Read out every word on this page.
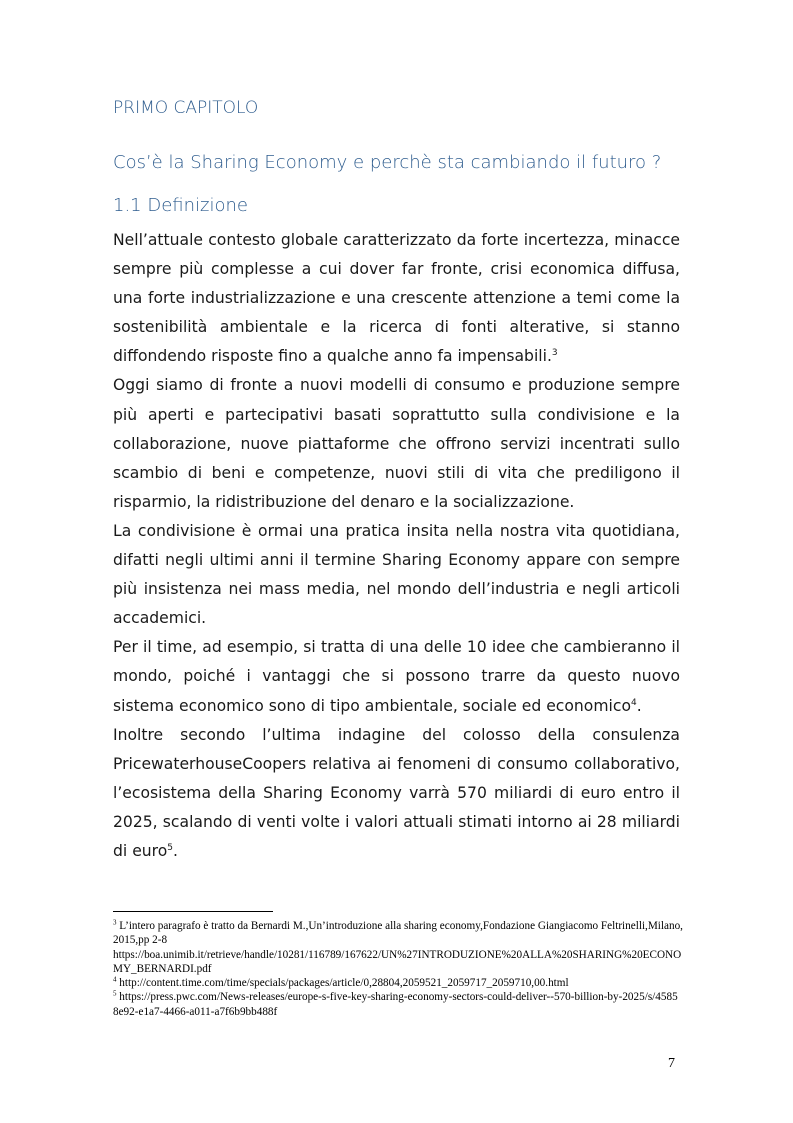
PRIMO CAPITOLO
Cos’è la Sharing Economy e perchè sta cambiando il futuro ?
1.1 Definizione

Nell’attuale contesto globale caratterizzato da forte incertezza, minacce sempre più complesse a cui dover far fronte, crisi economica diffusa, una forte industrializzazione e una crescente attenzione a temi come la sostenibilità ambientale e la ricerca di fonti alterative, si stanno diffondendo risposte fino a qualche anno fa impensabili.$^3$

Oggi siamo di fronte a nuovi modelli di consumo e produzione sempre più aperti e partecipativi basati soprattutto sulla condivisione e la collaborazione, nuove piattaforme che offrono servizi incentrati sullo scambio di beni e competenze, nuovi stili di vita che prediligono il risparmio, la ridistribuzione del denaro e la socializzazione.

La condivisione è ormai una pratica insita nella nostra vita quotidiana, difatti negli ultimi anni il termine Sharing Economy appare con sempre più insistenza nei mass media, nel mondo dell’industria e negli articoli accademici.

Per il time, ad esempio, si tratta di una delle 10 idee che cambieranno il mondo, poiché i vantaggi che si possono trarre da questo nuovo sistema economico sono di tipo ambientale, sociale ed economico$^4$.

Inoltre secondo l’ultima indagine del colosso della consulenza PricewaterhouseCoopers relativa ai fenomeni di consumo collaborativo, l’ecosistema della Sharing Economy varrà 570 miliardi di euro entro il 2025, scalando di venti volte i valori attuali stimati intorno ai 28 miliardi di euro$^5$.

$^3$ L’intero paragrafo è tratto da Bernardi M.,Un’introduzione alla sharing economy,Fondazione Giangiacomo Feltrinelli,Milano, 2015,pp 2-8
https://boa.unimib.it/retrieve/handle/10281/116789/167622/UN%27INTRODUZIONE%20ALLA%20SHARING%20ECONOMY_BERNARDI.pdf

$^4$ http://content.time.com/time/specials/packages/article/0,28804,2059521_2059717_2059710,00.html

$^5$ https://press.pwc.com/News-releases/europe-s-five-key-sharing-economy-sectors-could-deliver--570-billion-by-2025/s/45858e92-e1a7-4466-a011-a7f6b9bb488f

7
